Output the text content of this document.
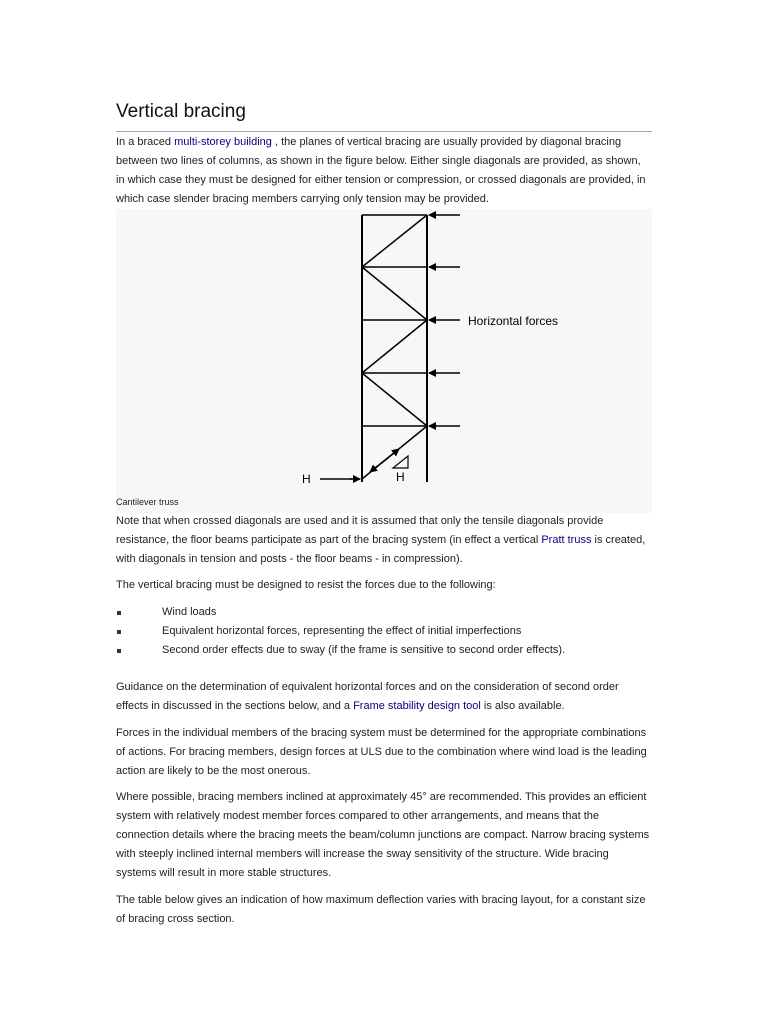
Vertical bracing

In a braced multi-storey building , the planes of vertical bracing are usually provided by diagonal bracing between two lines of columns, as shown in the figure below. Either single diagonals are provided, as shown, in which case they must be designed for either tension or compression, or crossed diagonals are provided, in which case slender bracing members carrying only tension may be provided.

Horizontal forces
H	H
Cantilever truss

Note that when crossed diagonals are used and it is assumed that only the tensile diagonals provide resistance, the floor beams participate as part of the bracing system (in effect a vertical Pratt truss is created, with diagonals in tension and posts - the floor beams - in compression).

The vertical bracing must be designed to resist the forces due to the following:

Wind loads
Equivalent horizontal forces, representing the effect of initial imperfections
Second order effects due to sway (if the frame is sensitive to second order effects).

Guidance on the determination of equivalent horizontal forces and on the consideration of second order effects in discussed in the sections below, and a Frame stability design tool is also available.

Forces in the individual members of the bracing system must be determined for the appropriate combinations of actions. For bracing members, design forces at ULS due to the combination where wind load is the leading action are likely to be the most onerous.

Where possible, bracing members inclined at approximately 45° are recommended. This provides an efficient system with relatively modest member forces compared to other arrangements, and means that the connection details where the bracing meets the beam/column junctions are compact. Narrow bracing systems with steeply inclined internal members will increase the sway sensitivity of the structure. Wide bracing systems will result in more stable structures.

The table below gives an indication of how maximum deflection varies with bracing layout, for a constant size of bracing cross section.
